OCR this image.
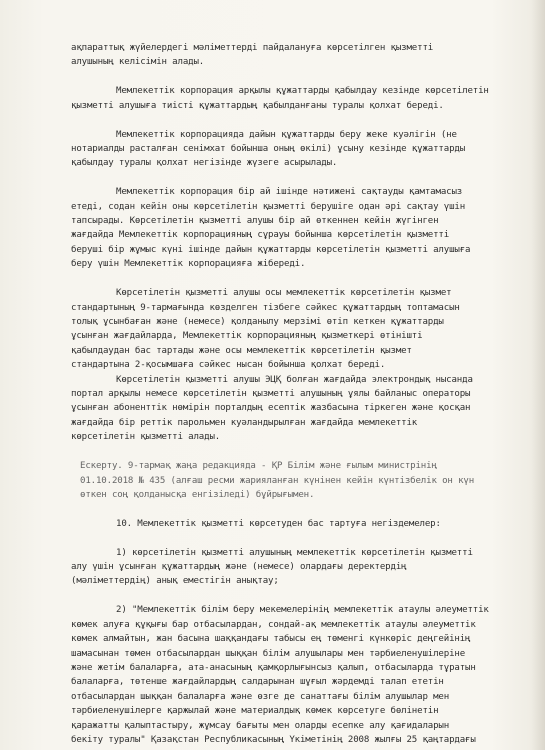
ақпараттық жүйелердегі мәліметтерді пайдалануға көрсетілген қызметті
алушының келісімін алады.
Мемлекеттік корпорация арқылы құжаттарды қабылдау кезінде көрсетілетін
қызметті алушыға тиісті құжаттардың қабылданғаны туралы қолхат береді.
Мемлекеттік корпорацияда дайын құжаттарды беру жеке куәлігін (не
нотариалды расталған сенімхат бойынша оның өкілі) ұсыну кезінде құжаттарды
қабылдау туралы қолхат негізінде жүзеге асырылады.
Мемлекеттік корпорация бір ай ішінде нәтижені сақтауды қамтамасыз
етеді, содан кейін оны көрсетілетін қызметті берушіге одан әрі сақтау үшін
тапсырады. Көрсетілетін қызметті алушы бір ай өткеннен кейін жүгінген
жағдайда Мемлекеттік корпорацияның сұрауы бойынша көрсетілетін қызметті
беруші бір жұмыс күні ішінде дайын құжаттарды көрсетілетін қызметті алушыға
беру үшін Мемлекеттік корпорацияға жібереді.
Көрсетілетін қызметті алушы осы мемлекеттік көрсетілетін қызмет
стандартының 9-тармағында көзделген тізбеге сәйкес құжаттардың топтамасын
толық ұсынбаған және (немесе) қолданылу мерзімі өтіп кеткен құжаттарды
ұсынған жағдайларда, Мемлекеттік корпорацияның қызметкері өтінішті
қабылдаудан бас тартады және осы мемлекеттік көрсетілетін қызмет
стандартына 2-қосымшаға сәйкес нысан бойынша қолхат береді.
Көрсетілетін қызметті алушы ЭЦҚ болған жағдайда электрондық нысанда
портал арқылы немесе көрсетілетін қызметті алушының ұялы байланыс операторы
ұсынған абоненттік нөмірін порталдың есептік жазбасына тіркеген және қосқан
жағдайда бір реттік парольмен куәландырылған жағдайда мемлекеттік
көрсетілетін қызметті алады.
Ескерту. 9-тармақ жаңа редакцияда - ҚР Білім және ғылым министрінің
01.10.2018 № 435 (алғаш ресми жарияланған күнінен кейін күнтізбелік он күн
өткен соң қолданысқа енгізіледі) бұйрығымен.
10. Мемлекеттік қызметті көрсетуден бас тартуға негіздемелер:
1) көрсетілетін қызметті алушының мемлекеттік көрсетілетін қызметті
алу үшін ұсынған құжаттардың және (немесе) олардағы деректердің
(мәліметтердің) анық еместігін анықтау;
2) "Мемлекеттік білім беру мекемелерінің мемлекеттік атаулы әлеуметтік
көмек алуға құқығы бар отбасылардан, сондай-ақ мемлекеттік атаулы әлеуметтік
көмек алмайтын, жан басына шаққандағы табысы ең төменгі күнкөріс деңгейінің
шамасынан төмен отбасылардан шыққан білім алушылары мен тәрбиеленушілеріне
және жетім балаларға, ата-анасының қамқорлығынсыз қалып, отбасыларда тұратын
балаларға, төтенше жағдайлардың салдарынан шұғыл жәрдемді талап ететін
отбасылардан шыққан балаларға және өзге де санаттағы білім алушылар мен
тәрбиеленушілерге қаржылай және материалдық көмек көрсетуге бөлінетін
қаражатты қалыптастыру, жұмсау бағыты мен оларды есепке алу қағидаларын
бекіту туралы" Қазақстан Республикасының Үкіметінің 2008 жылғы 25 қаңтардағы
